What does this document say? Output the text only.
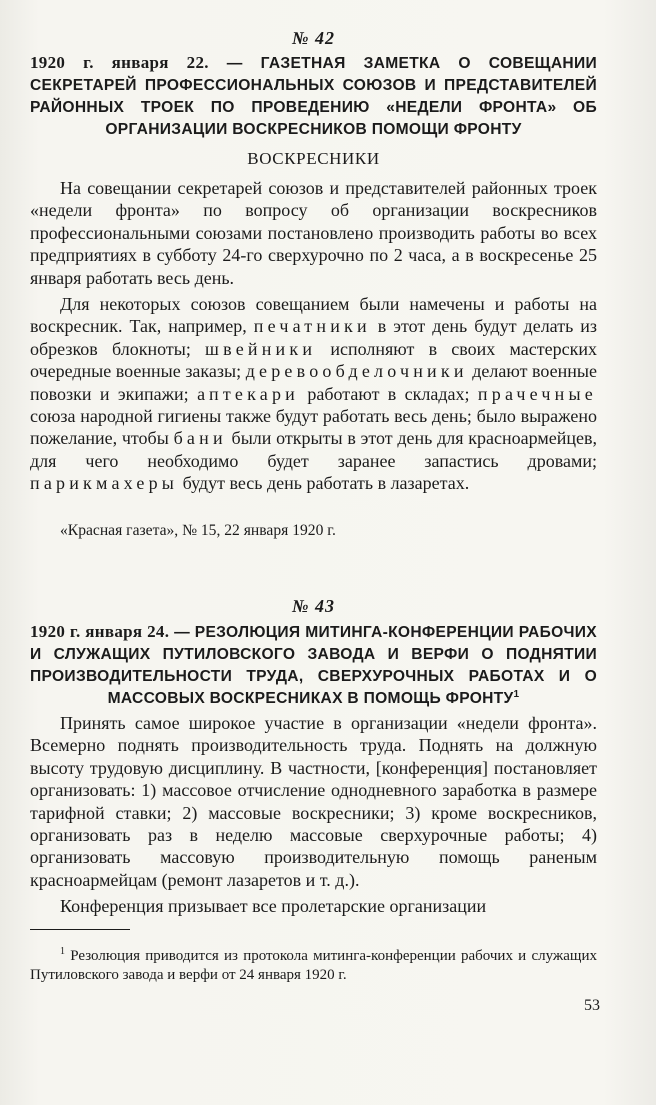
№ 42
1920 г. января 22. — ГАЗЕТНАЯ ЗАМЕТКА О СОВЕЩАНИИ СЕКРЕТАРЕЙ ПРОФЕССИОНАЛЬНЫХ СОЮЗОВ И ПРЕДСТАВИТЕЛЕЙ РАЙОННЫХ ТРОЕК ПО ПРОВЕДЕНИЮ «НЕДЕЛИ ФРОНТА» ОБ ОРГАНИЗАЦИИ ВОСКРЕСНИКОВ ПОМОЩИ ФРОНТУ
ВОСКРЕСНИКИ

На совещании секретарей союзов и представителей районных троек «недели фронта» по вопросу об организации воскресников профессиональными союзами постановлено производить работы во всех предприятиях в субботу 24-го сверхурочно по 2 часа, а в воскресенье 25 января работать весь день.

Для некоторых союзов совещанием были намечены и работы на воскресник. Так, например, печатники в этот день будут делать из обрезков блокноты; швейники исполняют в своих мастерских очередные военные заказы; деревообделочники делают военные повозки и экипажи; аптекари работают в складах; прачечные союза народной гигиены также будут работать весь день; было выражено пожелание, чтобы бани были открыты в этот день для красноармейцев, для чего необходимо будет заранее запастись дровами; парикмахеры будут весь день работать в лазаретах.

«Красная газета», № 15, 22 января 1920 г.
№ 43
1920 г. января 24. — РЕЗОЛЮЦИЯ МИТИНГА-КОНФЕРЕНЦИИ РАБОЧИХ И СЛУЖАЩИХ ПУТИЛОВСКОГО ЗАВОДА И ВЕРФИ О ПОДНЯТИИ ПРОИЗВОДИТЕЛЬНОСТИ ТРУДА, СВЕРХУРОЧНЫХ РАБОТАХ И О МАССОВЫХ ВОСКРЕСНИКАХ В ПОМОЩЬ ФРОНТУ$^1$

Принять самое широкое участие в организации «недели фронта». Всемерно поднять производительность труда. Поднять на должную высоту трудовую дисциплину. В частности, [конференция] постановляет организовать: 1) массовое отчисление однодневного заработка в размере тарифной ставки; 2) массовые воскресники; 3) кроме воскресников, организовать раз в неделю массовые сверхурочные работы; 4) организовать массовую производительную помощь раненым красноармейцам (ремонт лазаретов и т. д.).

Конференция призывает все пролетарские организации

$^1$ Резолюция приводится из протокола митинга-конференции рабочих и служащих Путиловского завода и верфи от 24 января 1920 г.
53
